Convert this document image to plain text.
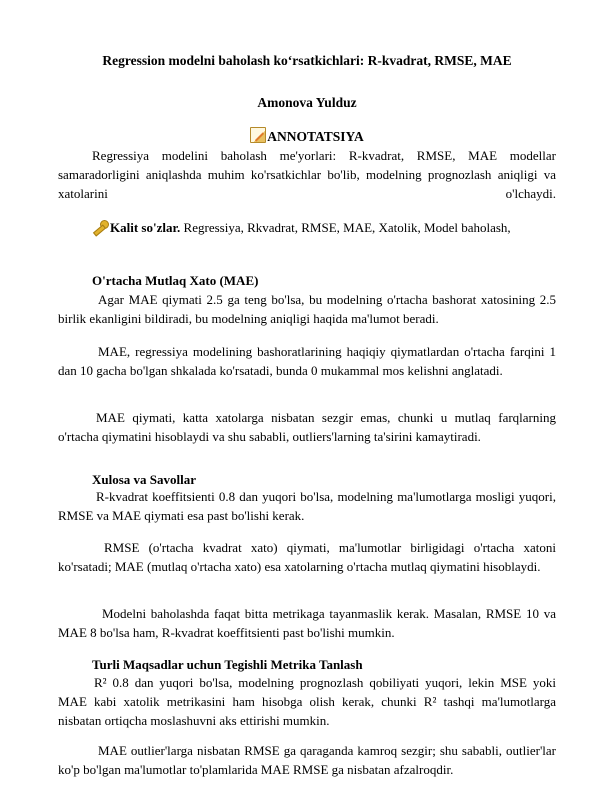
Regression modelni baholash ko‘rsatkichlari: R-kvadrat, RMSE, MAE
Amonova Yulduz
ANNOTATSIYA
Regressiya modelini baholash me'yorlari: R-kvadrat, RMSE, MAE modellar samaradorligini aniqlashda muhim ko'rsatkichlar bo'lib, modelning prognozlash aniqligi va xatolarini o'lchaydi.
Kalit so'zlar. Regressiya, Rkvadrat, RMSE, MAE, Xatolik, Model baholash,
O'rtacha Mutlaq Xato (MAE)
Agar MAE qiymati 2.5 ga teng bo'lsa, bu modelning o'rtacha bashorat xatosining 2.5 birlik ekanligini bildiradi, bu modelning aniqligi haqida ma'lumot beradi.
MAE, regressiya modelining bashoratlarining haqiqiy qiymatlardan o'rtacha farqini 1 dan 10 gacha bo'lgan shkalada ko'rsatadi, bunda 0 mukammal mos kelishni anglatadi.
MAE qiymati, katta xatolarga nisbatan sezgir emas, chunki u mutlaq farqlarning o'rtacha qiymatini hisoblaydi va shu sababli, outliers'larning ta'sirini kamaytiradi.
Xulosa va Savollar
R-kvadrat koeffitsienti 0.8 dan yuqori bo'lsa, modelning ma'lumotlarga mosligi yuqori, RMSE va MAE qiymati esa past bo'lishi kerak.
RMSE (o'rtacha kvadrat xato) qiymati, ma'lumotlar birligidagi o'rtacha xatoni ko'rsatadi; MAE (mutlaq o'rtacha xato) esa xatolarning o'rtacha mutlaq qiymatini hisoblaydi.
Modelni baholashda faqat bitta metrikaga tayanmaslik kerak. Masalan, RMSE 10 va MAE 8 bo'lsa ham, R-kvadrat koeffitsienti past bo'lishi mumkin.
Turli Maqsadlar uchun Tegishli Metrika Tanlash
R² 0.8 dan yuqori bo'lsa, modelning prognozlash qobiliyati yuqori, lekin MSE yoki MAE kabi xatolik metrikasini ham hisobga olish kerak, chunki R² tashqi ma'lumotlarga nisbatan ortiqcha moslashuvni aks ettirishi mumkin.
MAE outlier'larga nisbatan RMSE ga qaraganda kamroq sezgir; shu sababli, outlier'lar ko'p bo'lgan ma'lumotlar to'plamlarida MAE RMSE ga nisbatan afzalroqdir.
